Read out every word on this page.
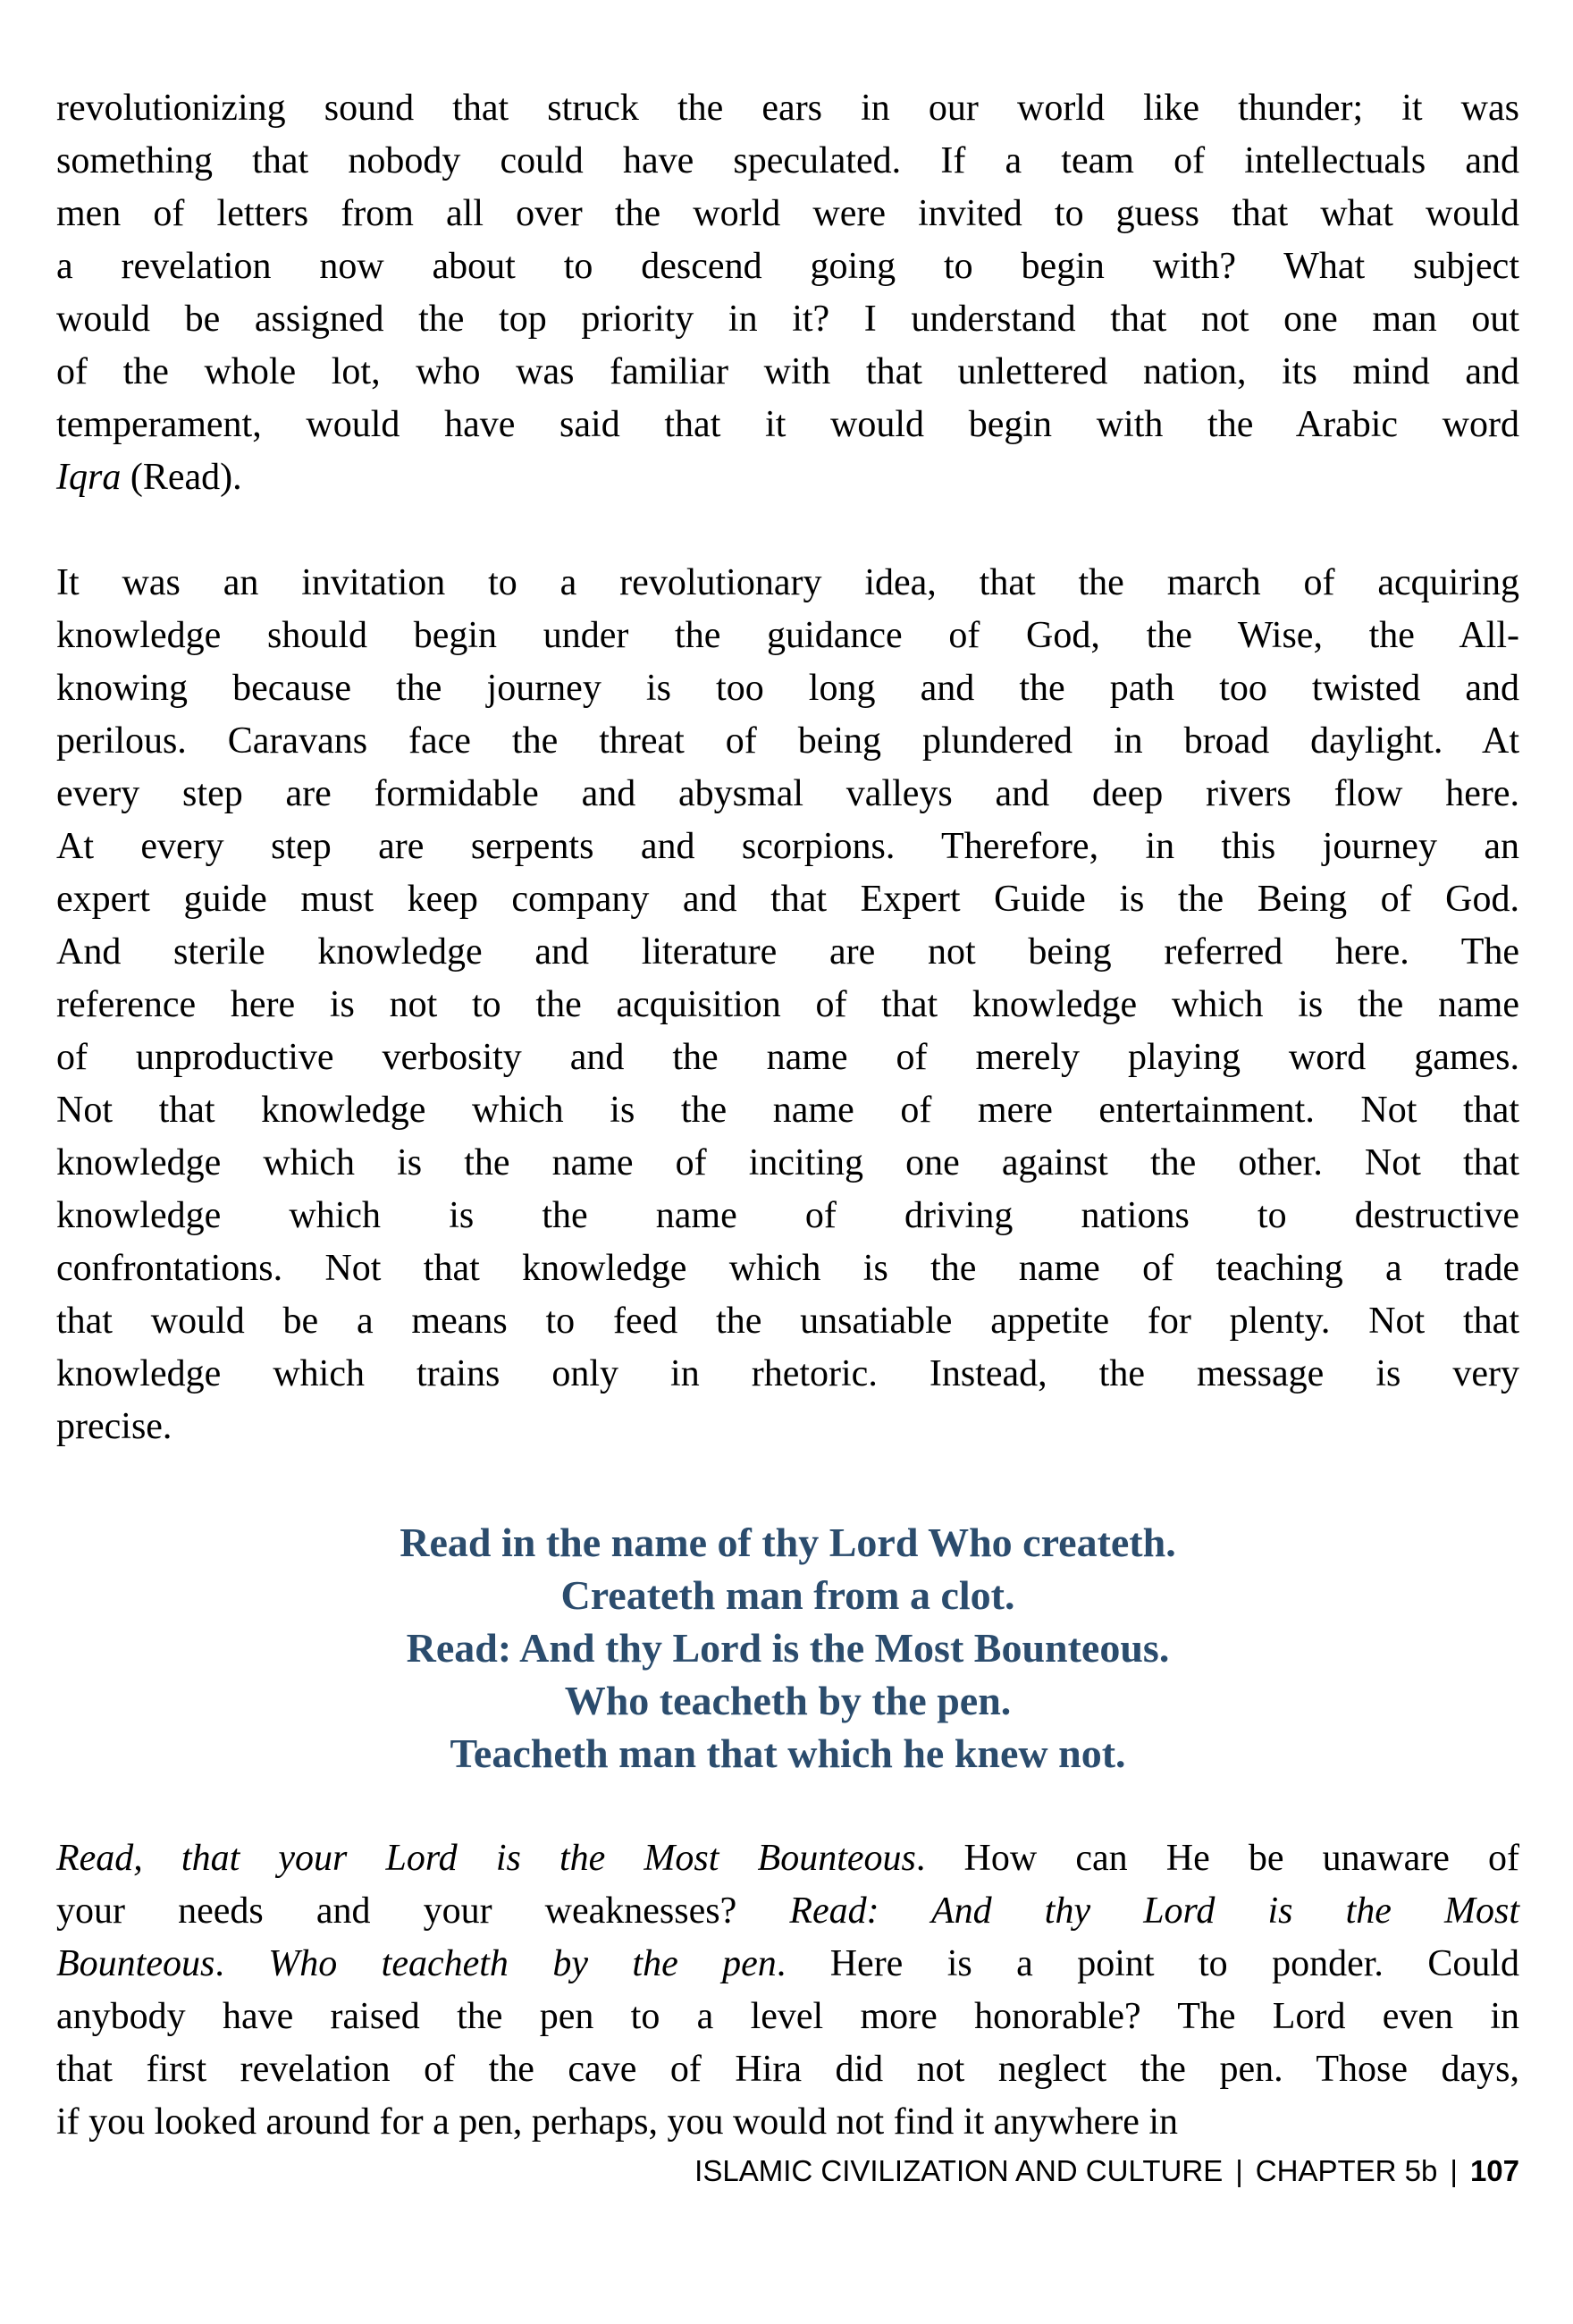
revolutionizing sound that struck the ears in our world like thunder; it was
something that nobody could have speculated. If a team of intellectuals and
men of letters from all over the world were invited to guess that what would
a revelation now about to descend going to begin with? What subject
would be assigned the top priority in it? I understand that not one man out
of the whole lot, who was familiar with that unlettered nation, its mind and
temperament, would have said that it would begin with the Arabic word
Iqra (Read).
It was an invitation to a revolutionary idea, that the march of acquiring
knowledge should begin under the guidance of God, the Wise, the All-
knowing because the journey is too long and the path too twisted and
perilous. Caravans face the threat of being plundered in broad daylight. At
every step are formidable and abysmal valleys and deep rivers flow here.
At every step are serpents and scorpions. Therefore, in this journey an
expert guide must keep company and that Expert Guide is the Being of God.
And sterile knowledge and literature are not being referred here. The
reference here is not to the acquisition of that knowledge which is the name
of unproductive verbosity and the name of merely playing word games.
Not that knowledge which is the name of mere entertainment. Not that
knowledge which is the name of inciting one against the other. Not that
knowledge which is the name of driving nations to destructive
confrontations. Not that knowledge which is the name of teaching a trade
that would be a means to feed the unsatiable appetite for plenty. Not that
knowledge which trains only in rhetoric. Instead, the message is very
precise.
Read in the name of thy Lord Who createth.
Createth man from a clot.
Read: And thy Lord is the Most Bounteous.
Who teacheth by the pen.
Teacheth man that which he knew not.
Read, that your Lord is the Most Bounteous. How can He be unaware of
your needs and your weaknesses? Read: And thy Lord is the Most
Bounteous. Who teacheth by the pen. Here is a point to ponder. Could
anybody have raised the pen to a level more honorable? The Lord even in
that first revelation of the cave of Hira did not neglect the pen. Those days,
if you looked around for a pen, perhaps, you would not find it anywhere in
ISLAMIC CIVILIZATION AND CULTURE | CHAPTER 5b | 107
